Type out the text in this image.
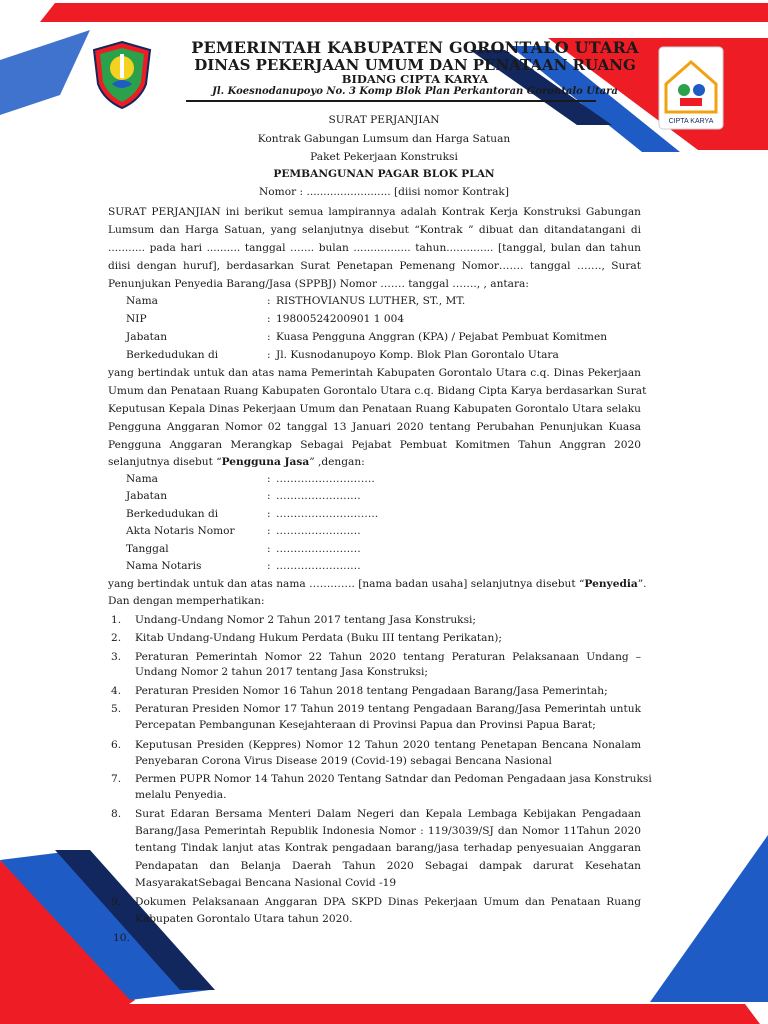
PEMERINTAH KABUPATEN GORONTALO UTARA
DINAS PEKERJAAN UMUM DAN PENATAAN RUANG
BIDANG CIPTA KARYA
Jl. Koesnodanupoyo No. 3 Komp Blok Plan Perkantoran Gorontalo Utara
CIPTA KARYA
SURAT PERJANJIAN
Kontrak Gabungan Lumsum dan Harga Satuan
Paket Pekerjaan Konstruksi
PEMBANGUNAN PAGAR BLOK PLAN
Nomor : ......................... [diisi nomor Kontrak]
SURAT PERJANJIAN ini berikut semua lampirannya adalah Kontrak Kerja Konstruksi Gabungan
Lumsum dan Harga Satuan, yang selanjutnya disebut “Kontrak ” dibuat dan ditandatangani di
........... pada hari .......... tanggal ….... bulan ................. tahun.............. [tanggal, bulan dan tahun
diisi dengan huruf], berdasarkan Surat Penetapan Pemenang Nomor……. tanggal ……., Surat
Penunjukan Penyedia Barang/Jasa (SPPBJ) Nomor ……. tanggal ……., , antara:
Nama	: RISTHOVIANUS LUTHER, ST., MT.
NIP	: 19800524200901 1 004
Jabatan	: Kuasa Pengguna Anggran (KPA) / Pejabat Pembuat Komitmen
Berkedudukan di	: Jl. Kusnodanupoyo Komp. Blok Plan Gorontalo Utara
yang bertindak untuk dan atas nama Pemerintah Kabupaten Gorontalo Utara c.q. Dinas Pekerjaan
Umum dan Penataan Ruang Kabupaten Gorontalo Utara c.q. Bidang Cipta Karya berdasarkan Surat
Keputusan Kepala Dinas Pekerjaan Umum dan Penataan Ruang Kabupaten Gorontalo Utara selaku
Pengguna Anggaran Nomor 02 tanggal 13 Januari 2020 tentang Perubahan Penunjukan Kuasa
Pengguna Anggaran Merangkap Sebagai Pejabat Pembuat Komitmen Tahun Anggran 2020
selanjutnya disebut “Pengguna Jasa” ,dengan:
Nama	: ……………………….
Jabatan	: ……………………
Berkedudukan di	: ………………………..
Akta Notaris Nomor	: ……………………
Tanggal	: ……………………
Nama Notaris	: ……………………
yang bertindak untuk dan atas nama …………. [nama badan usaha] selanjutnya disebut “Penyedia”.
Dan dengan memperhatikan:
1. Undang-Undang Nomor 2 Tahun 2017 tentang Jasa Konstruksi;
2. Kitab Undang-Undang Hukum Perdata (Buku III tentang Perikatan);
3. Peraturan Pemerintah Nomor 22 Tahun 2020 tentang Peraturan Pelaksanaan Undang –
Undang Nomor 2 tahun 2017 tentang Jasa Konstruksi;
4. Peraturan Presiden Nomor 16 Tahun 2018 tentang Pengadaan Barang/Jasa Pemerintah;
5. Peraturan Presiden Nomor 17 Tahun 2019 tentang Pengadaan Barang/Jasa Pemerintah untuk
Percepatan Pembangunan Kesejahteraan di Provinsi Papua dan Provinsi Papua Barat;
6. Keputusan Presiden (Keppres) Nomor 12 Tahun 2020 tentang Penetapan Bencana Nonalam
Penyebaran Corona Virus Disease 2019 (Covid-19) sebagai Bencana Nasional
7. Permen PUPR Nomor 14 Tahun 2020 Tentang Satndar dan Pedoman Pengadaan jasa Konstruksi
melalu Penyedia.
8. Surat Edaran Bersama Menteri Dalam Negeri dan Kepala Lembaga Kebijakan Pengadaan
Barang/Jasa Pemerintah Republik Indonesia Nomor : 119/3039/SJ dan Nomor 11Tahun 2020
tentang Tindak lanjut atas Kontrak pengadaan barang/jasa terhadap penyesuaian Anggaran
Pendapatan dan Belanja Daerah Tahun 2020 Sebagai dampak darurat Kesehatan
MasyarakatSebagai Bencana Nasional Covid -19
9. Dokumen Pelaksanaan Anggaran DPA SKPD Dinas Pekerjaan Umum dan Penataan Ruang
Kabupaten Gorontalo Utara tahun 2020.
10.
